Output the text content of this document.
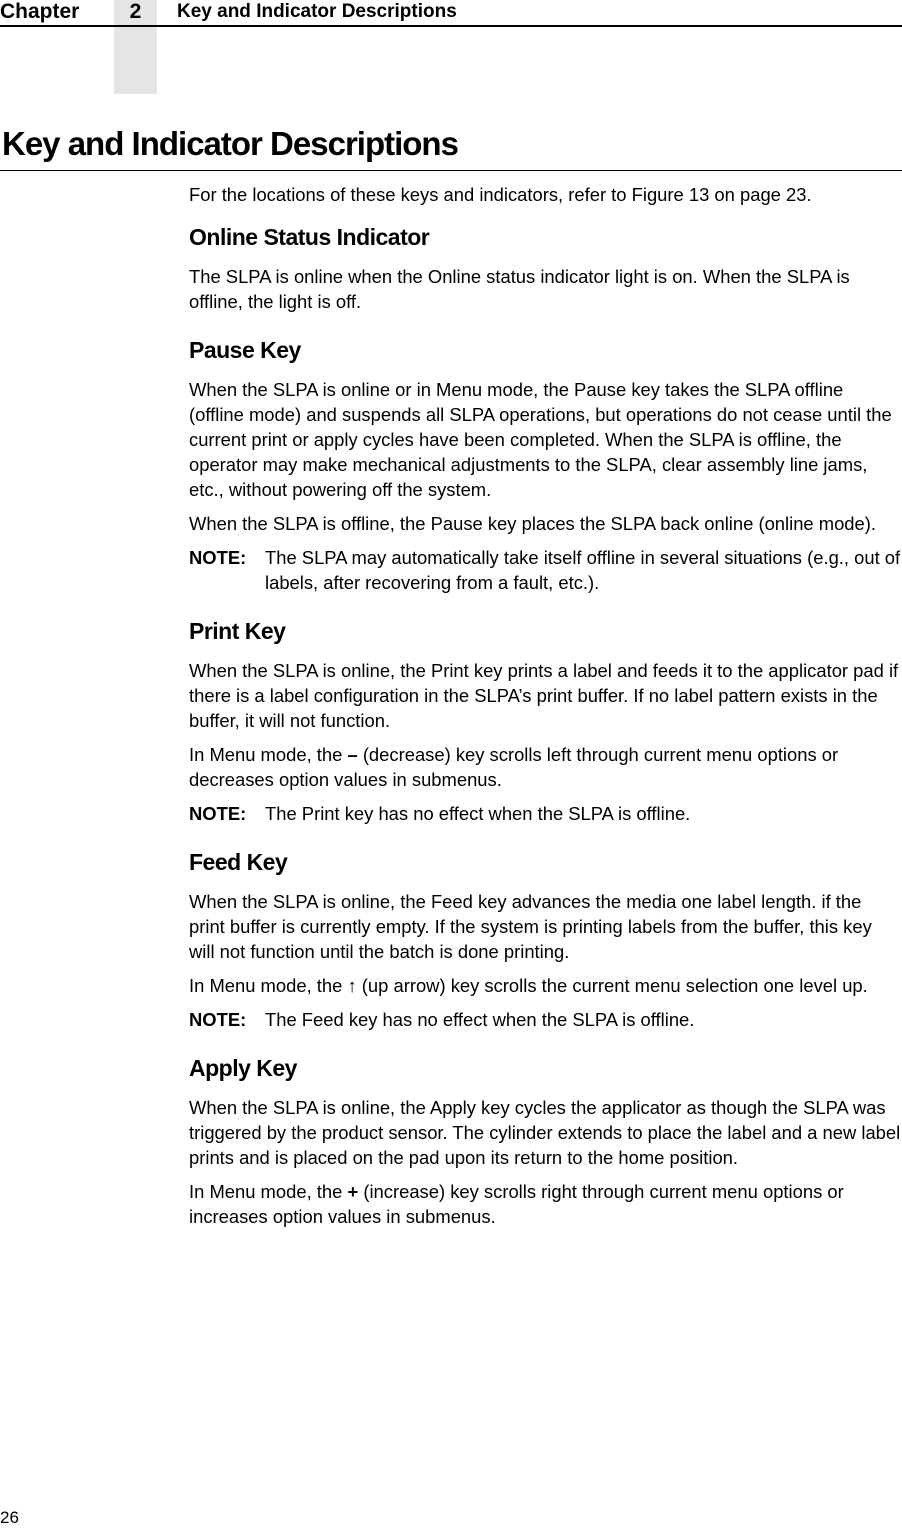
Chapter	2	Key and Indicator Descriptions
Key and Indicator Descriptions

For the locations of these keys and indicators, refer to Figure 13 on page 23.

Online Status Indicator

The SLPA is online when the Online status indicator light is on. When the SLPA is offline, the light is off.

Pause Key

When the SLPA is online or in Menu mode, the Pause key takes the SLPA offline (offline mode) and suspends all SLPA operations, but operations do not cease until the current print or apply cycles have been completed. When the SLPA is offline, the operator may make mechanical adjustments to the SLPA, clear assembly line jams, etc., without powering off the system.

When the SLPA is offline, the Pause key places the SLPA back online (online mode).

NOTE:	The SLPA may automatically take itself offline in several situations (e.g., out of labels, after recovering from a fault, etc.).
Print Key

When the SLPA is online, the Print key prints a label and feeds it to the applicator pad if there is a label configuration in the SLPA’s print buffer. If no label pattern exists in the buffer, it will not function.

In Menu mode, the – (decrease) key scrolls left through current menu options or decreases option values in submenus.

NOTE:	The Print key has no effect when the SLPA is offline.
Feed Key

When the SLPA is online, the Feed key advances the media one label length. if the print buffer is currently empty. If the system is printing labels from the buffer, this key will not function until the batch is done printing.

In Menu mode, the ↑ (up arrow) key scrolls the current menu selection one level up.

NOTE:	The Feed key has no effect when the SLPA is offline.
Apply Key

When the SLPA is online, the Apply key cycles the applicator as though the SLPA was triggered by the product sensor. The cylinder extends to place the label and a new label prints and is placed on the pad upon its return to the home position.

In Menu mode, the + (increase) key scrolls right through current menu options or increases option values in submenus.

26
